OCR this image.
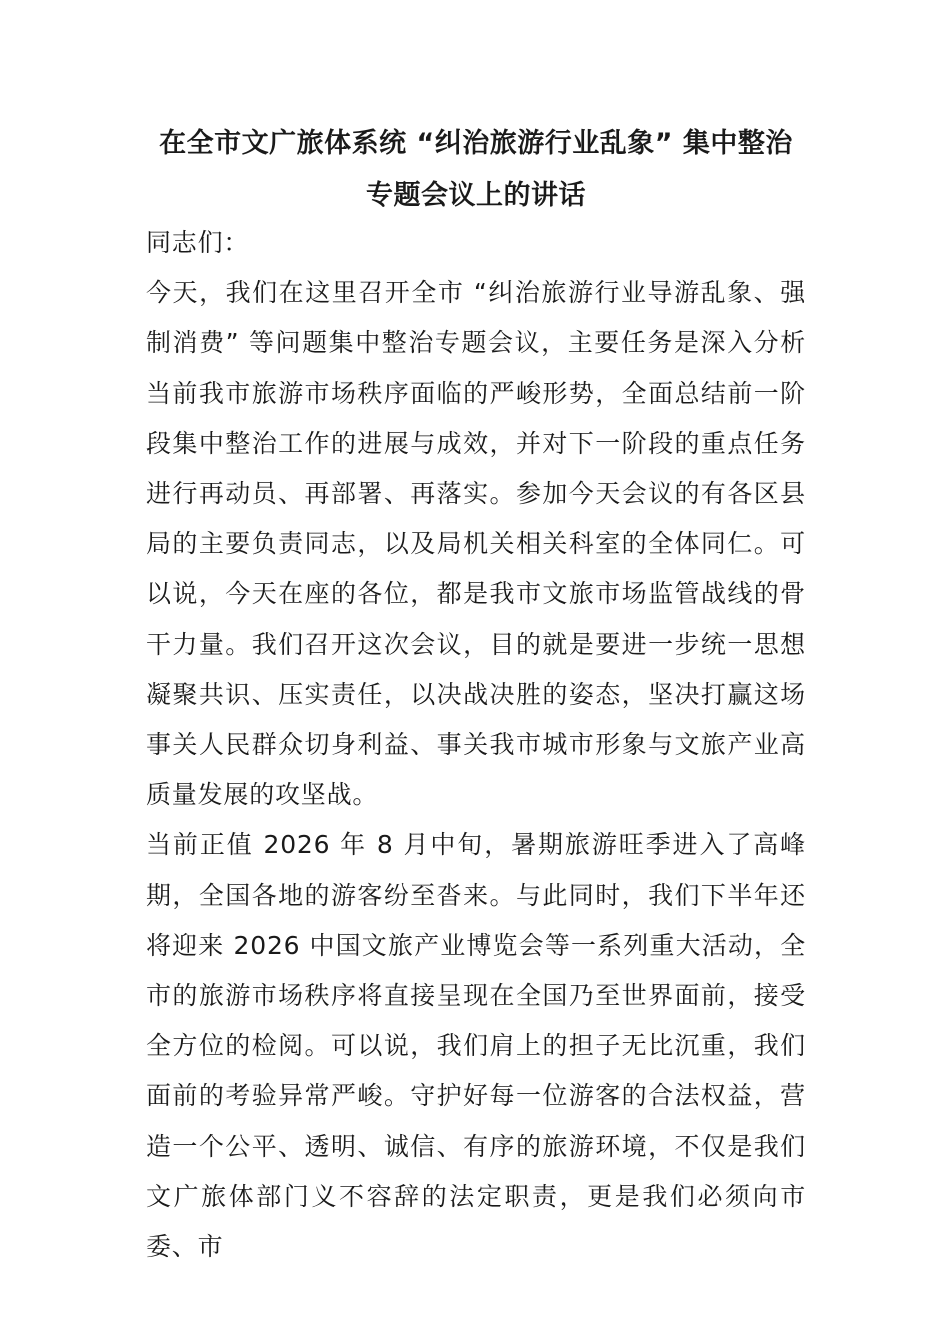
在全市文广旅体系统 “纠治旅游行业乱象” 集中整治专题会议上的讲话

同志们：

今天，我们在这里召开全市 “纠治旅游行业导游乱象、强制消费” 等问题集中整治专题会议，主要任务是深入分析当前我市旅游市场秩序面临的严峻形势，全面总结前一阶段集中整治工作的进展与成效，并对下一阶段的重点任务进行再动员、再部署、再落实。参加今天会议的有各区县局的主要负责同志，以及局机关相关科室的全体同仁。可以说，今天在座的各位，都是我市文旅市场监管战线的骨干力量。我们召开这次会议，目的就是要进一步统一思想凝聚共识、压实责任，以决战决胜的姿态，坚决打赢这场事关人民群众切身利益、事关我市城市形象与文旅产业高质量发展的攻坚战。

当前正值 2026 年 8 月中旬，暑期旅游旺季进入了高峰期，全国各地的游客纷至沓来。与此同时，我们下半年还将迎来 2026 中国文旅产业博览会等一系列重大活动，全市的旅游市场秩序将直接呈现在全国乃至世界面前，接受全方位的检阅。可以说，我们肩上的担子无比沉重，我们面前的考验异常严峻。守护好每一位游客的合法权益，营造一个公平、透明、诚信、有序的旅游环境，不仅是我们文广旅体部门义不容辞的法定职责，更是我们必须向市委、市
